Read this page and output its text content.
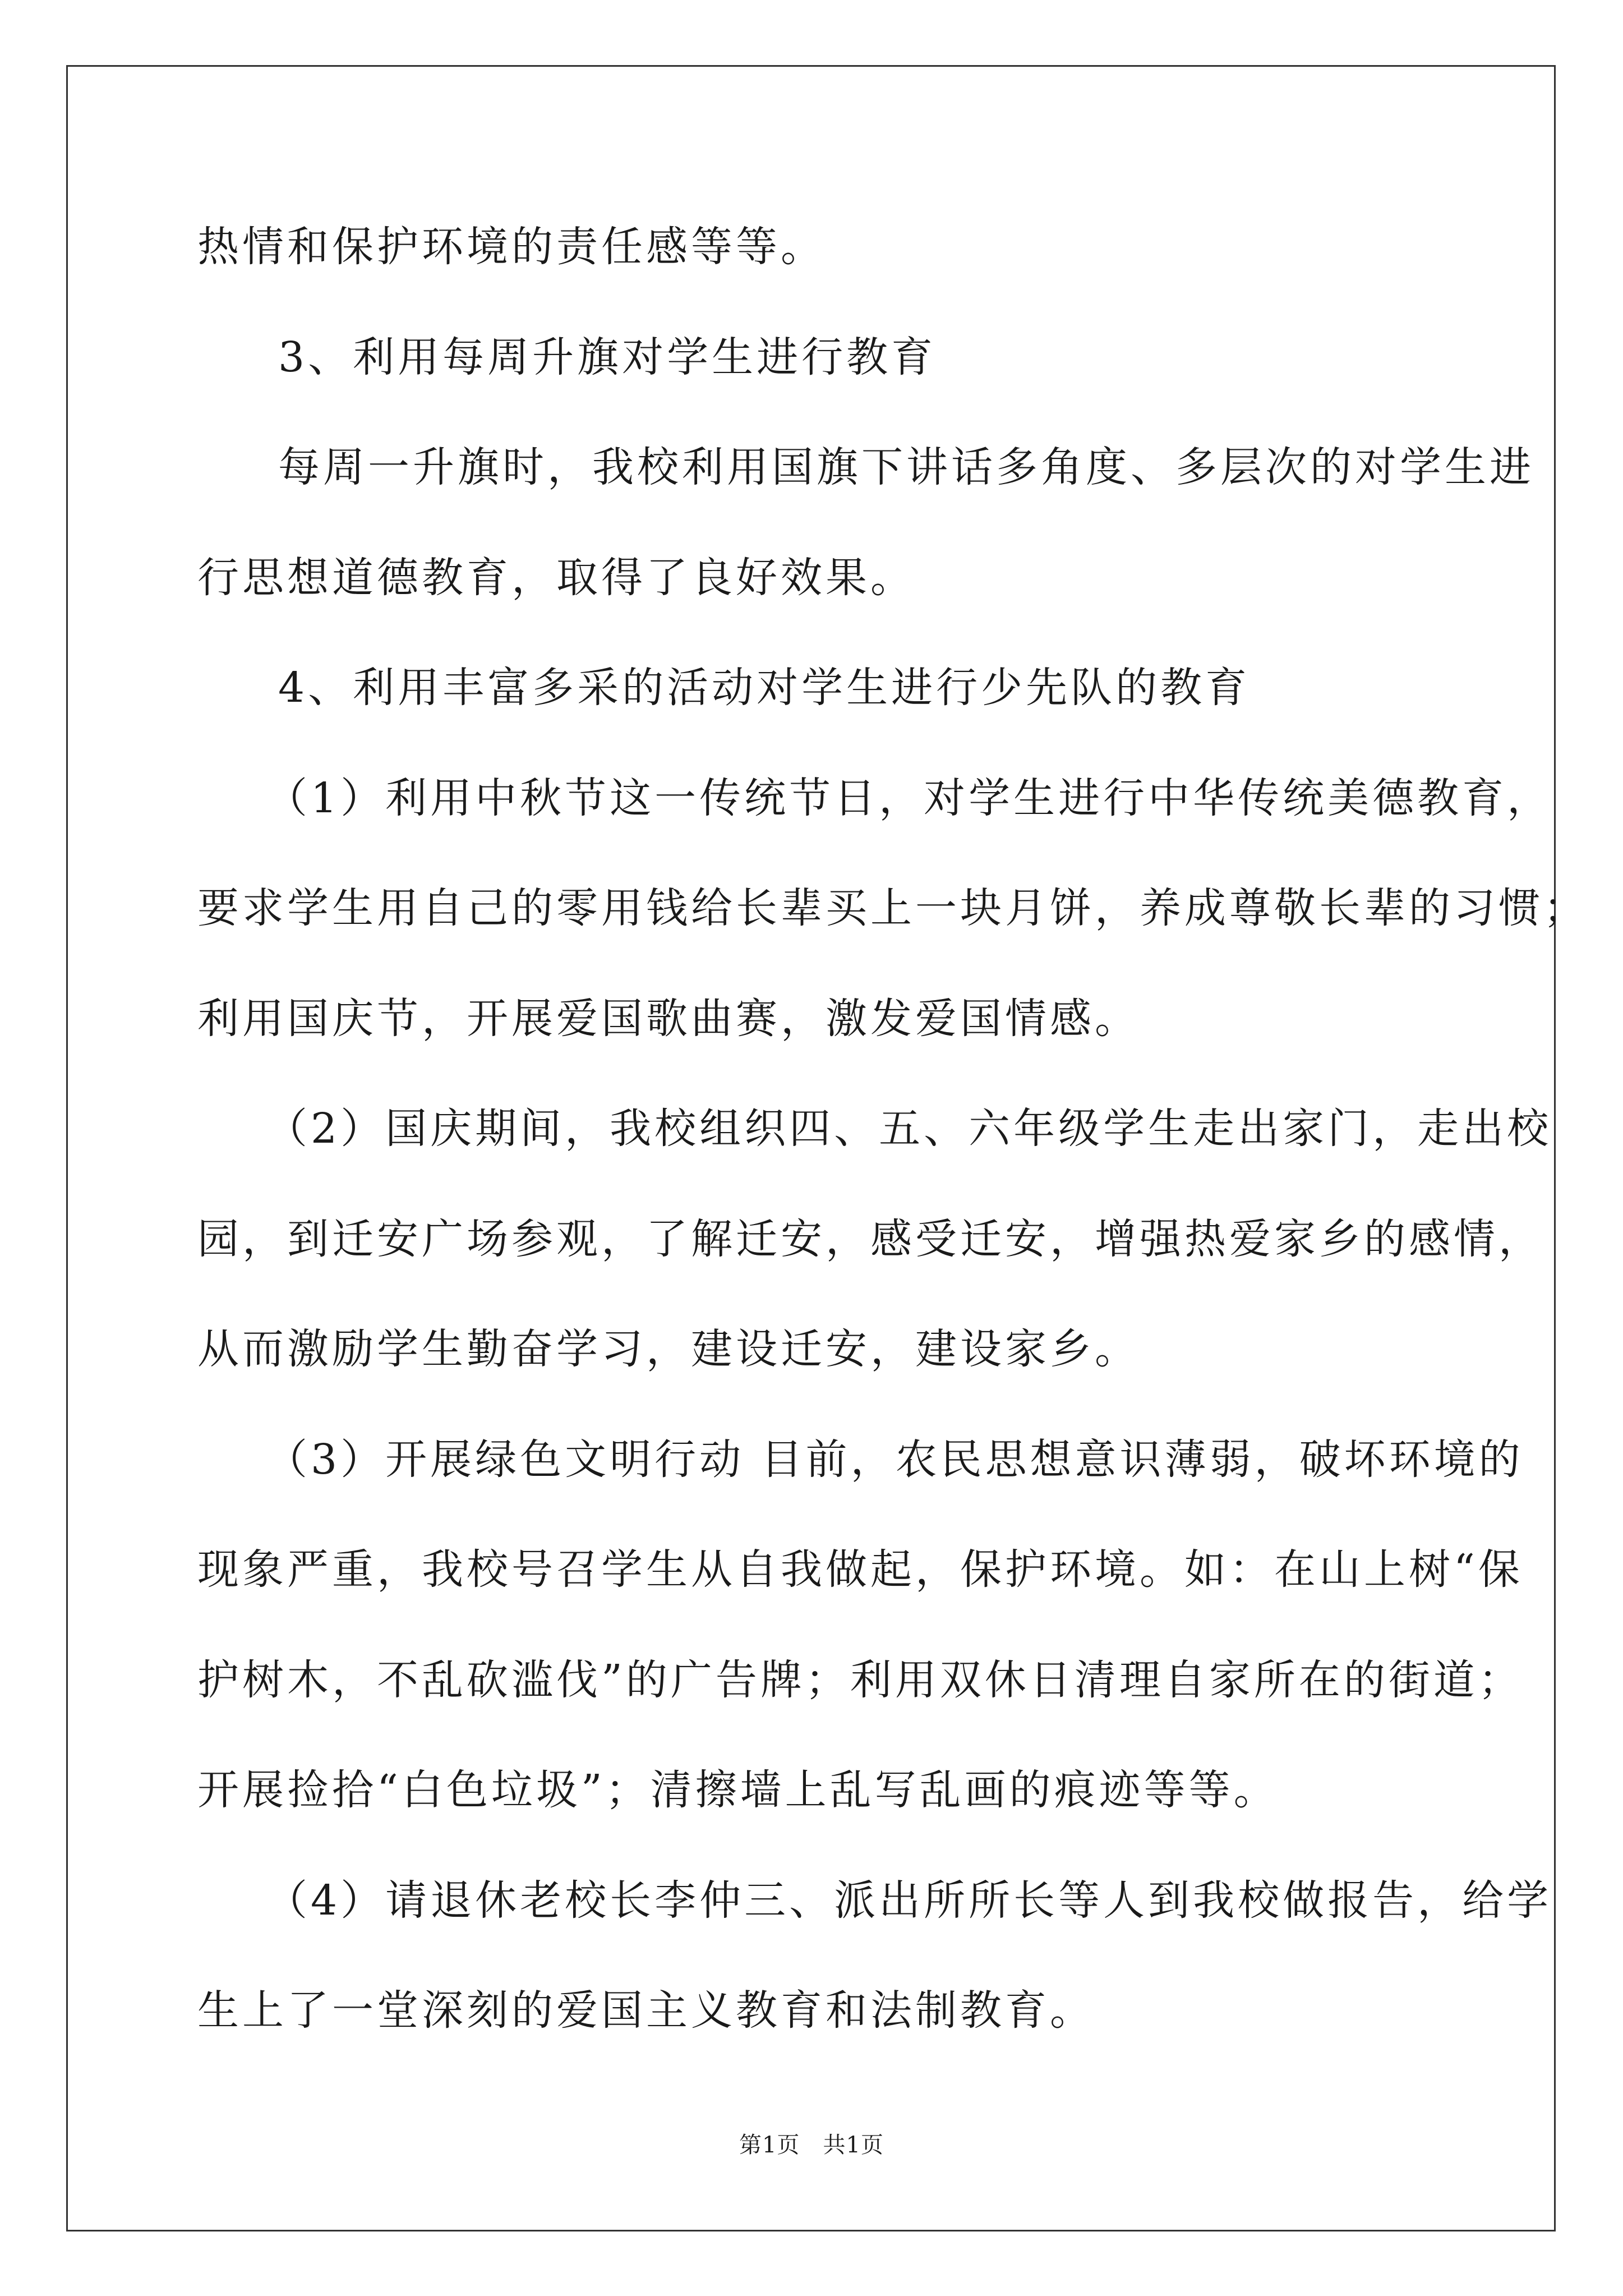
热情和保护环境的责任感等等。
3、利用每周升旗对学生进行教育
每周一升旗时，我校利用国旗下讲话多角度、多层次的对学生进
行思想道德教育，取得了良好效果。
4、利用丰富多采的活动对学生进行少先队的教育
（1）利用中秋节这一传统节日，对学生进行中华传统美德教育，
要求学生用自己的零用钱给长辈买上一块月饼，养成尊敬长辈的习惯；
利用国庆节，开展爱国歌曲赛，激发爱国情感。
（2）国庆期间，我校组织四、五、六年级学生走出家门，走出校
园，到迁安广场参观，了解迁安，感受迁安，增强热爱家乡的感情，
从而激励学生勤奋学习，建设迁安，建设家乡。
（3）开展绿色文明行动 目前，农民思想意识薄弱，破坏环境的
现象严重，我校号召学生从自我做起，保护环境。如：在山上树“保
护树木，不乱砍滥伐”的广告牌；利用双休日清理自家所在的街道；
开展捡拾“白色垃圾”；清擦墙上乱写乱画的痕迹等等。
（4）请退休老校长李仲三、派出所所长等人到我校做报告，给学
生上了一堂深刻的爱国主义教育和法制教育。
第1页   共1页
